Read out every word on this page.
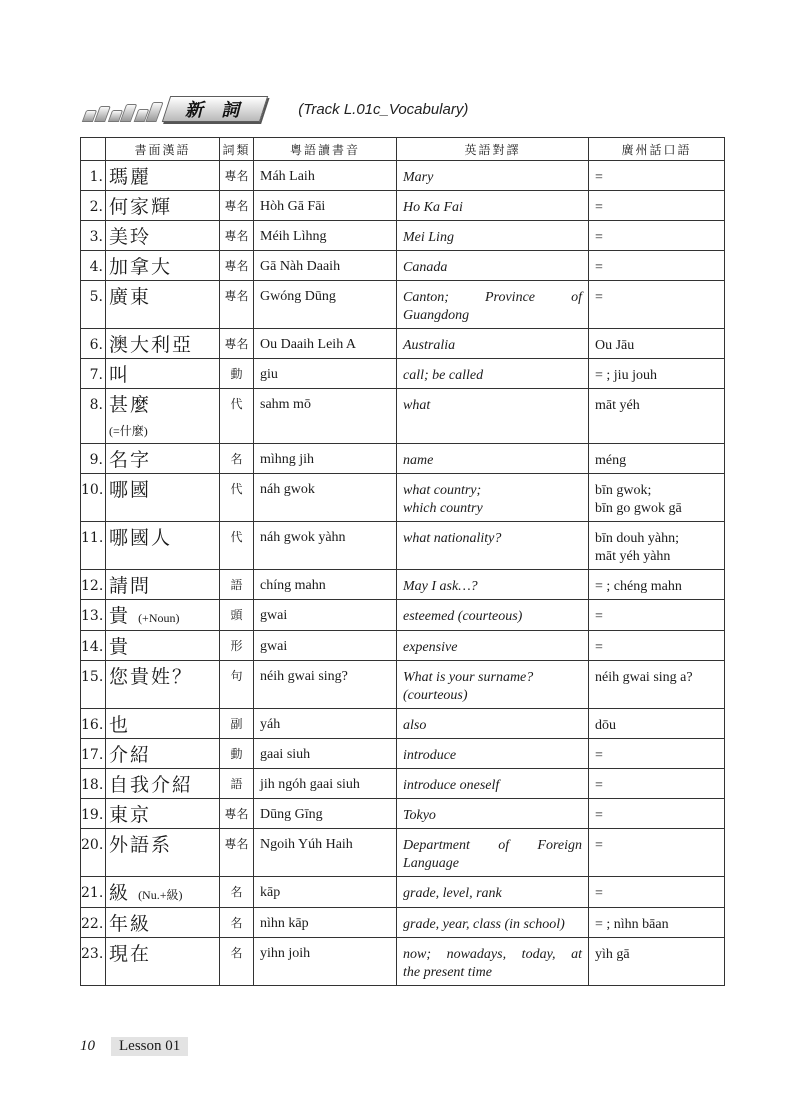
新 詞	(Track L.01c_Vocabulary)
	書面漢語	詞類	粵語讀書音	英語對譯	廣州話口語
1.	瑪麗	專名	Máh Laih	Mary	=
2.	何家輝	專名	Hòh Gā Fāi	Ho Ka Fai	=
3.	美玲	專名	Méih Lìhng	Mei Ling	=
4.	加拿大	專名	Gā Nàh Daaih	Canada	=
5.	廣東	專名	Gwóng Dūng	Canton; Province of
Guangdong	=
6.	澳大利亞	專名	Ou Daaih Leih A	Australia	Ou Jāu
7.	叫	動	giu	call; be called	= ; jiu jouh
8.	甚麼
(=什麼)	代	sahm mō	what	māt yéh
9.	名字	名	mìhng jih	name	méng
10.	哪國	代	náh gwok	what country;
which country	bīn gwok;
bīn go gwok gā
11.	哪國人	代	náh gwok yàhn	what nationality?	bīn douh yàhn;
māt yéh yàhn
12.	請問	語	chíng mahn	May I ask…?	= ; chéng mahn
13.	貴 (+Noun)	頭	gwai	esteemed (courteous)	=
14.	貴	形	gwai	expensive	=
15.	您貴姓？	句	néih gwai sing?	What is your surname?
(courteous)	néih gwai sing a?
16.	也	副	yáh	also	dōu
17.	介紹	動	gaai siuh	introduce	=
18.	自我介紹	語	jih ngóh gaai siuh	introduce oneself	=
19.	東京	專名	Dūng Gīng	Tokyo	=
20.	外語系	專名	Ngoih Yúh Haih	Department of Foreign
Language	=
21.	級 (Nu.+級)	名	kāp	grade, level, rank	=
22.	年級	名	nìhn kāp	grade, year, class (in school)	= ; nìhn bāan
23.	現在	名	yihn joih	now; nowadays, today, at
the present time	yìh gā
10	Lesson 01
